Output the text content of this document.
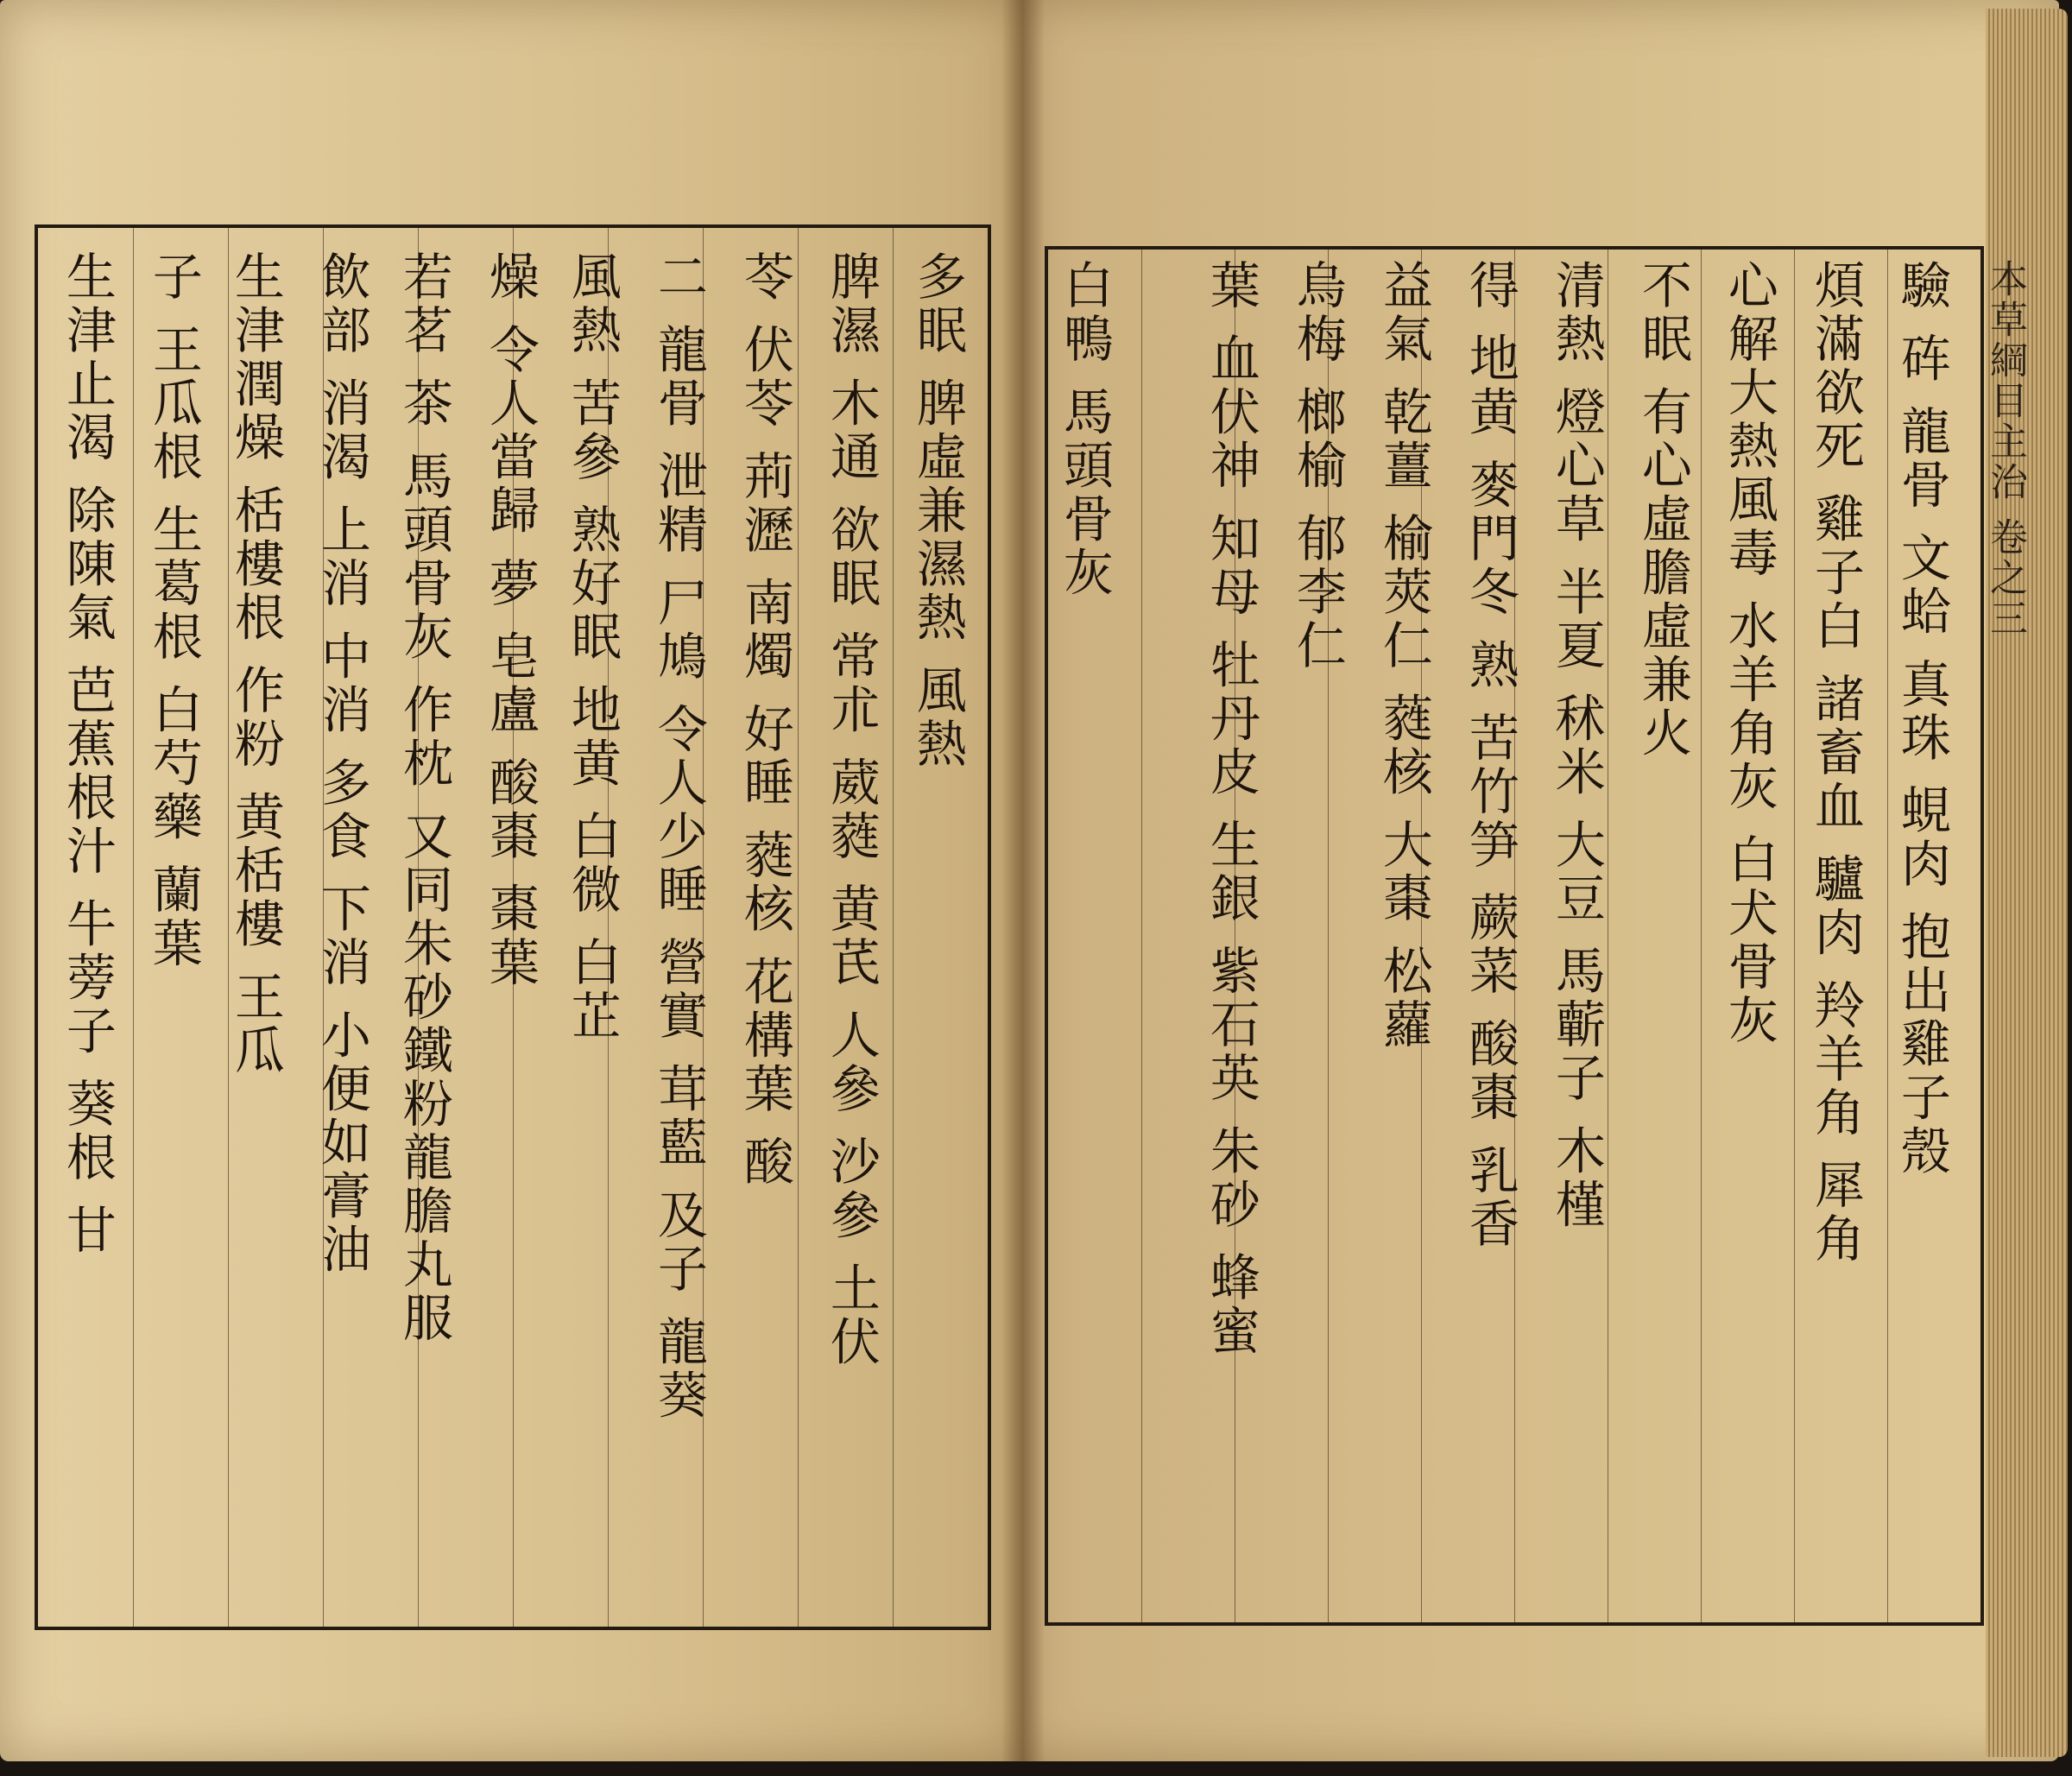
本草綱目主治 卷之三
多眠 脾虛兼濕熱 風熱
脾濕 木通 欲眠 常朮 葳蕤 黄芪 人參 沙參 土伏
苓 伏苓 荊瀝 南燭 好睡 蕤核 花構葉 酸
二 龍骨 泄精 尸鳩 令人少睡 營實 茸藍 及子 龍葵
風熱 苦參 熟好眠 地黄 白微 白芷
燥 令人當歸 夢 皂盧 酸棗 棗葉
若茗 茶 馬頭骨灰 作枕 又同朱砂鐵粉龍膽丸服
飲部 消渴 上消 中消 多食 下消 小便如膏油
生津潤燥 栝樓根 作粉 黄栝樓 王瓜
子 王瓜根 生葛根 白芍藥 蘭葉
生津止渴 除陳氣 芭蕉根汁 牛蒡子 葵根 甘	驗 砗 龍骨 文蛤 真珠 蜆肉 抱出雞子殼
煩滿欲死 雞子白 諸畜血 驢肉 羚羊角 犀角
心解大熱風毒 水羊角灰 白犬骨灰
不眠 有心虛膽虛兼火
清熱 燈心草 半夏 秫米 大豆 馬蘄子 木槿
得 地黄 麥門冬 熟 苦竹笋 蕨菜 酸棗 乳香
益氣 乾薑 榆莢仁 蕤核 大棗 松蘿
烏梅 榔榆 郁李仁
葉 血伏神 知母 牡丹皮 生銀 紫石英 朱砂 蜂蜜
白鴨 馬頭骨灰
